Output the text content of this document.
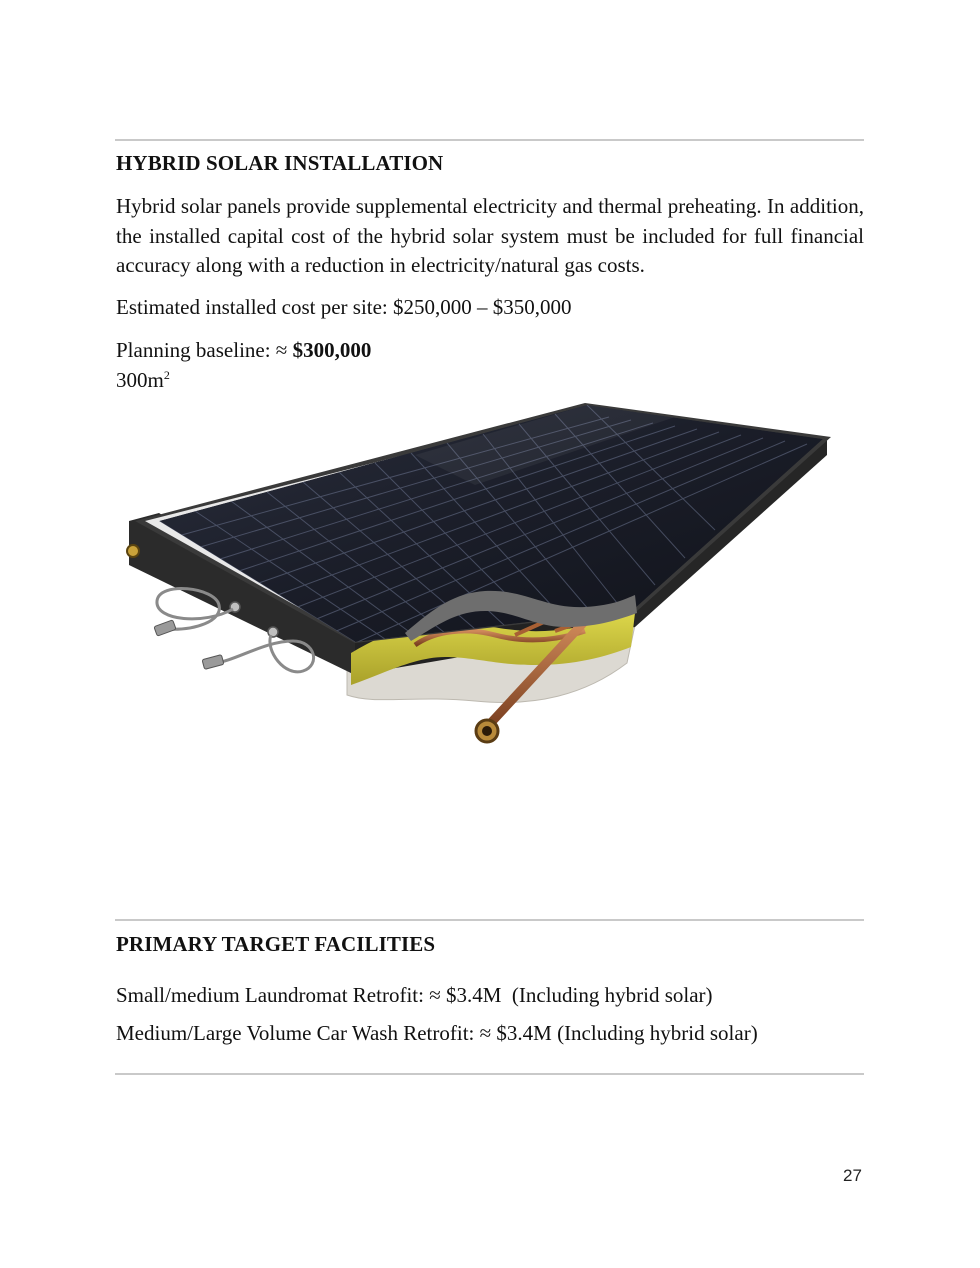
HYBRID SOLAR INSTALLATION

Hybrid solar panels provide supplemental electricity and thermal preheating. In addition, the installed capital cost of the hybrid solar system must be included for full financial accuracy along with a reduction in electricity/natural gas costs.

Estimated installed cost per site: $250,000 – $350,000

Planning baseline: ≈ $300,000

$300m^2$

PRIMARY TARGET FACILITIES

Small/medium Laundromat Retrofit: ≈ $3.4M  (Including hybrid solar)

Medium/Large Volume Car Wash Retrofit: ≈ $3.4M (Including hybrid solar)

27
